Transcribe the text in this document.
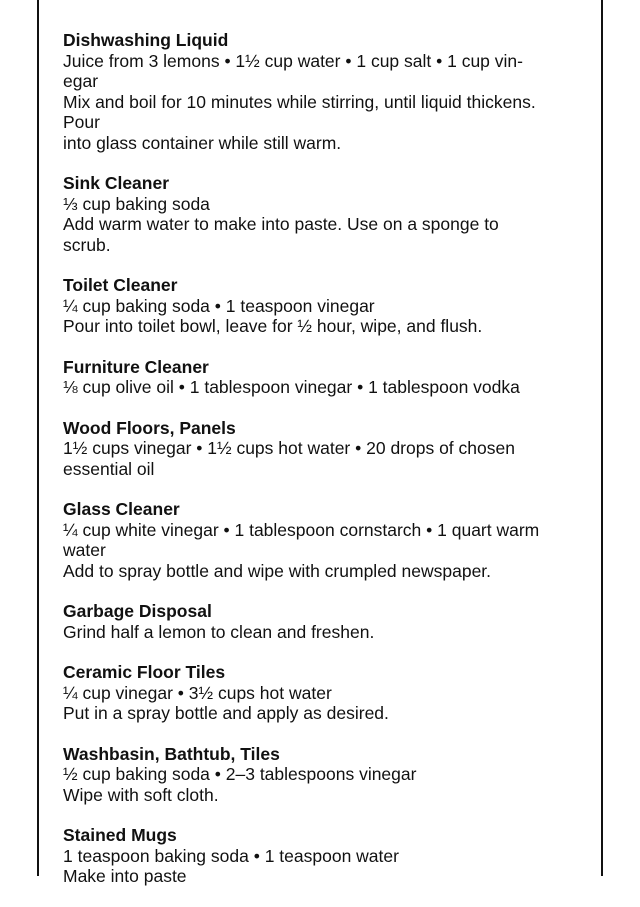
Dishwashing Liquid

Juice from 3 lemons • 1½ cup water • 1 cup salt • 1 cup vin-

egar

Mix and boil for 10 minutes while stirring, until liquid thickens. Pour

into glass container while still warm.

Sink Cleaner

⅓ cup baking soda

Add warm water to make into paste. Use on a sponge to

scrub.

Toilet Cleaner

¼ cup baking soda • 1 teaspoon vinegar

Pour into toilet bowl, leave for ½ hour, wipe, and flush.

Furniture Cleaner

⅛ cup olive oil • 1 tablespoon vinegar • 1 tablespoon vodka

Wood Floors, Panels

1½ cups vinegar • 1½ cups hot water • 20 drops of chosen

essential oil

Glass Cleaner

¼ cup white vinegar • 1 tablespoon cornstarch • 1 quart warm

water

Add to spray bottle and wipe with crumpled newspaper.

Garbage Disposal

Grind half a lemon to clean and freshen.

Ceramic Floor Tiles

¼ cup vinegar • 3½ cups hot water

Put in a spray bottle and apply as desired.

Washbasin, Bathtub, Tiles

½ cup baking soda • 2–3 tablespoons vinegar

Wipe with soft cloth.

Stained Mugs

1 teaspoon baking soda • 1 teaspoon water

Make into paste
